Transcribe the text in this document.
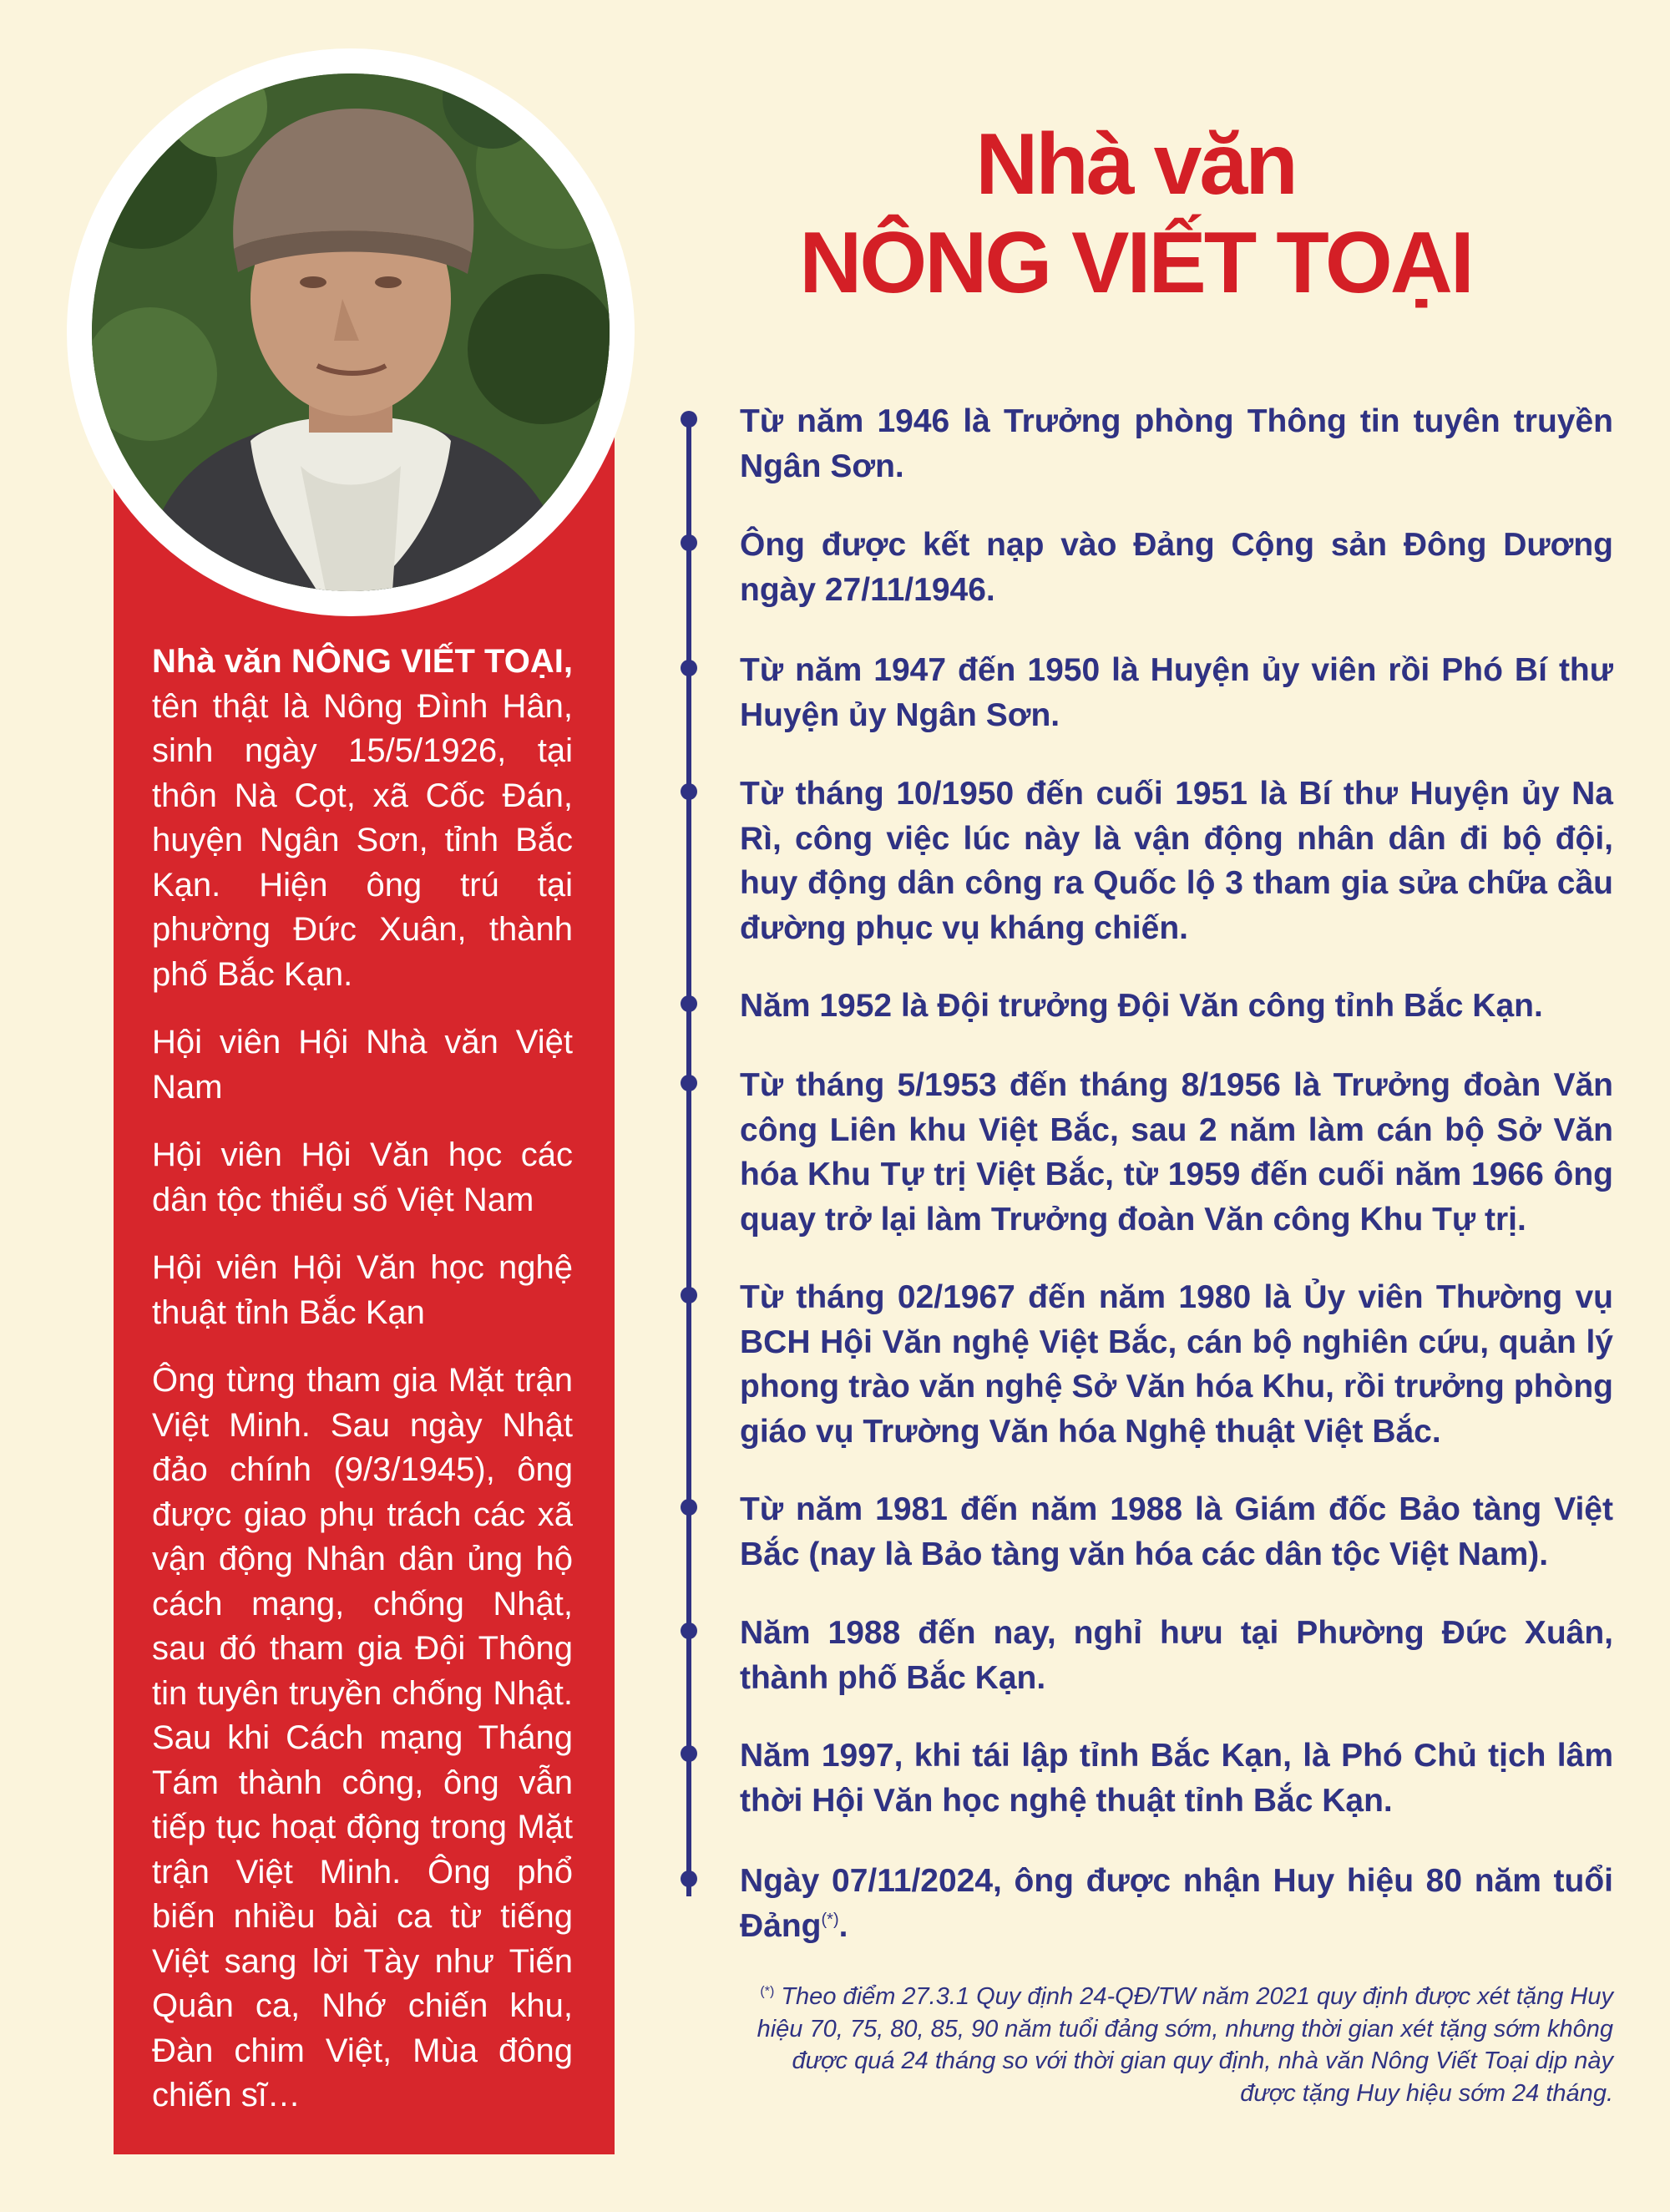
Nhà văn NÔNG VIẾT TOẠI, tên thật là Nông Đình Hân, sinh ngày 15/5/1926, tại thôn Nà Cọt, xã Cốc Đán, huyện Ngân Sơn, tỉnh Bắc Kạn. Hiện ông trú tại phường Đức Xuân, thành phố Bắc Kạn.

Hội viên Hội Nhà văn Việt Nam

Hội viên Hội Văn học các dân tộc thiểu số Việt Nam

Hội viên Hội Văn học nghệ thuật tỉnh Bắc Kạn

Ông từng tham gia Mặt trận Việt Minh. Sau ngày Nhật đảo chính (9/3/1945), ông được giao phụ trách các xã vận động Nhân dân ủng hộ cách mạng, chống Nhật, sau đó tham gia Đội Thông tin tuyên truyền chống Nhật. Sau khi Cách mạng Tháng Tám thành công, ông vẫn tiếp tục hoạt động trong Mặt trận Việt Minh. Ông phổ biến nhiều bài ca từ tiếng Việt sang lời Tày như Tiến Quân ca, Nhớ chiến khu, Đàn chim Việt, Mùa đông chiến sĩ…

Nhà văn
NÔNG VIẾT TOẠI
Từ năm 1946 là Trưởng phòng Thông tin tuyên truyền Ngân Sơn.
Ông được kết nạp vào Đảng Cộng sản Đông Dương ngày 27/11/1946.
Từ năm 1947 đến 1950 là Huyện ủy viên rồi Phó Bí thư Huyện ủy Ngân Sơn.
Từ tháng 10/1950 đến cuối 1951 là Bí thư Huyện ủy Na Rì, công việc lúc này là vận động nhân dân đi bộ đội, huy động dân công ra Quốc lộ 3 tham gia sửa chữa cầu đường phục vụ kháng chiến.
Năm 1952 là Đội trưởng Đội Văn công tỉnh Bắc Kạn.
Từ tháng 5/1953 đến tháng 8/1956 là Trưởng đoàn Văn công Liên khu Việt Bắc, sau 2 năm làm cán bộ Sở Văn hóa Khu Tự trị Việt Bắc, từ 1959 đến cuối năm 1966 ông quay trở lại làm Trưởng đoàn Văn công Khu Tự trị.
Từ tháng 02/1967 đến năm 1980 là Ủy viên Thường vụ BCH Hội Văn nghệ Việt Bắc, cán bộ nghiên cứu, quản lý phong trào văn nghệ Sở Văn hóa Khu, rồi trưởng phòng giáo vụ Trường Văn hóa Nghệ thuật Việt Bắc.
Từ năm 1981 đến năm 1988 là Giám đốc Bảo tàng Việt Bắc (nay là Bảo tàng văn hóa các dân tộc Việt Nam).
Năm 1988 đến nay, nghỉ hưu tại Phường Đức Xuân, thành phố Bắc Kạn.
Năm 1997, khi tái lập tỉnh Bắc Kạn, là Phó Chủ tịch lâm thời Hội Văn học nghệ thuật tỉnh Bắc Kạn.
Ngày 07/11/2024, ông được nhận Huy hiệu 80 năm tuổi Đảng(*).
(*) Theo điểm 27.3.1 Quy định 24-QĐ/TW năm 2021 quy định được xét tặng Huy hiệu 70, 75, 80, 85, 90 năm tuổi đảng sớm, nhưng thời gian xét tặng sớm không được quá 24 tháng so với thời gian quy định, nhà văn Nông Viết Toại dịp này được tặng Huy hiệu sớm 24 tháng.
